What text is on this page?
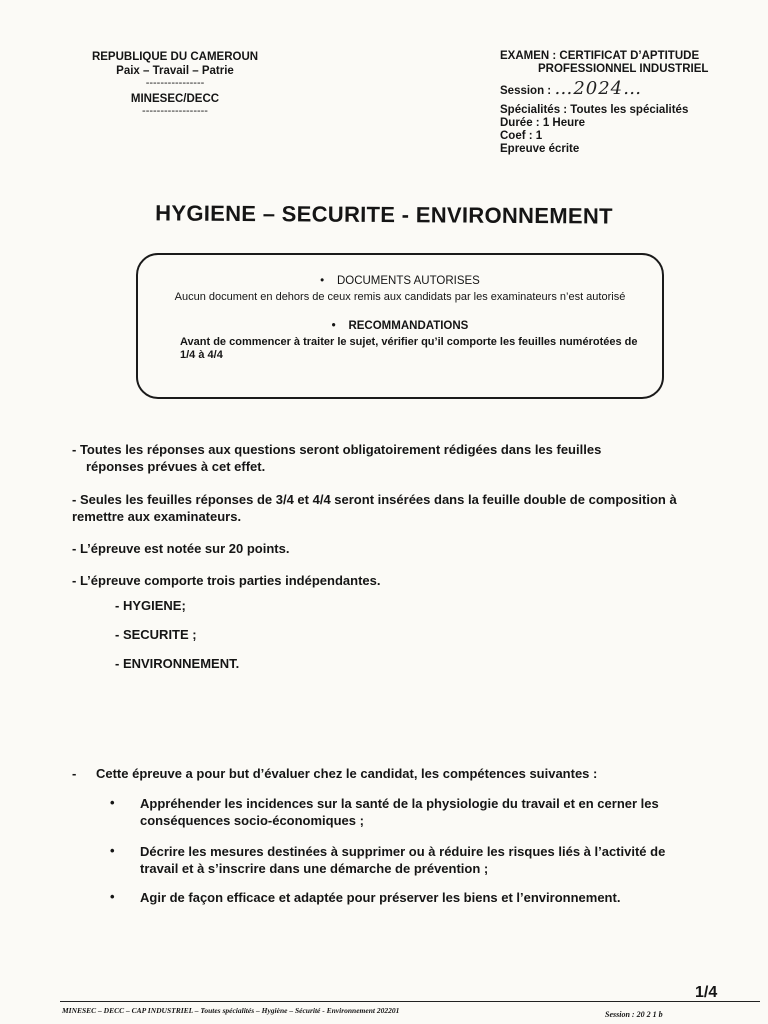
REPUBLIQUE DU CAMEROUN
Paix – Travail – Patrie
----------------
MINESEC/DECC
------------------
EXAMEN : CERTIFICAT D’APTITUDE
PROFESSIONNEL INDUSTRIEL
Session : …2024…
Spécialités : Toutes les spécialités
Durée : 1 Heure
Coef : 1
Epreuve écrite
HYGIENE – SECURITE - ENVIRONNEMENT
• DOCUMENTS AUTORISES
Aucun document en dehors de ceux remis aux candidats par les examinateurs n’est autorisé
• RECOMMANDATIONS
Avant de commencer à traiter le sujet, vérifier qu’il comporte les feuilles numérotées de 1/4 à 4/4
- Toutes les réponses aux questions seront obligatoirement rédigées dans les feuilles
réponses prévues à cet effet.
- Seules les feuilles réponses de 3/4 et 4/4 seront insérées dans la feuille double de composition à remettre aux examinateurs.
- L’épreuve est notée sur 20 points.
- L’épreuve comporte trois parties indépendantes.
- HYGIENE;
- SECURITE ;
- ENVIRONNEMENT.
- Cette épreuve a pour but d’évaluer chez le candidat, les compétences suivantes :
•	Appréhender les incidences sur la santé de la physiologie du travail et en cerner les conséquences socio-économiques ;
•	Décrire les mesures destinées à supprimer ou à réduire les risques liés à l’activité de travail et à s’inscrire dans une démarche de prévention ;
•	Agir de façon efficace et adaptée pour préserver les biens et l’environnement.
1/4
MINESEC – DECC – CAP INDUSTRIEL – Toutes spécialités – Hygiène – Sécurité - Environnement 202201	Session : 20 2 1 b
